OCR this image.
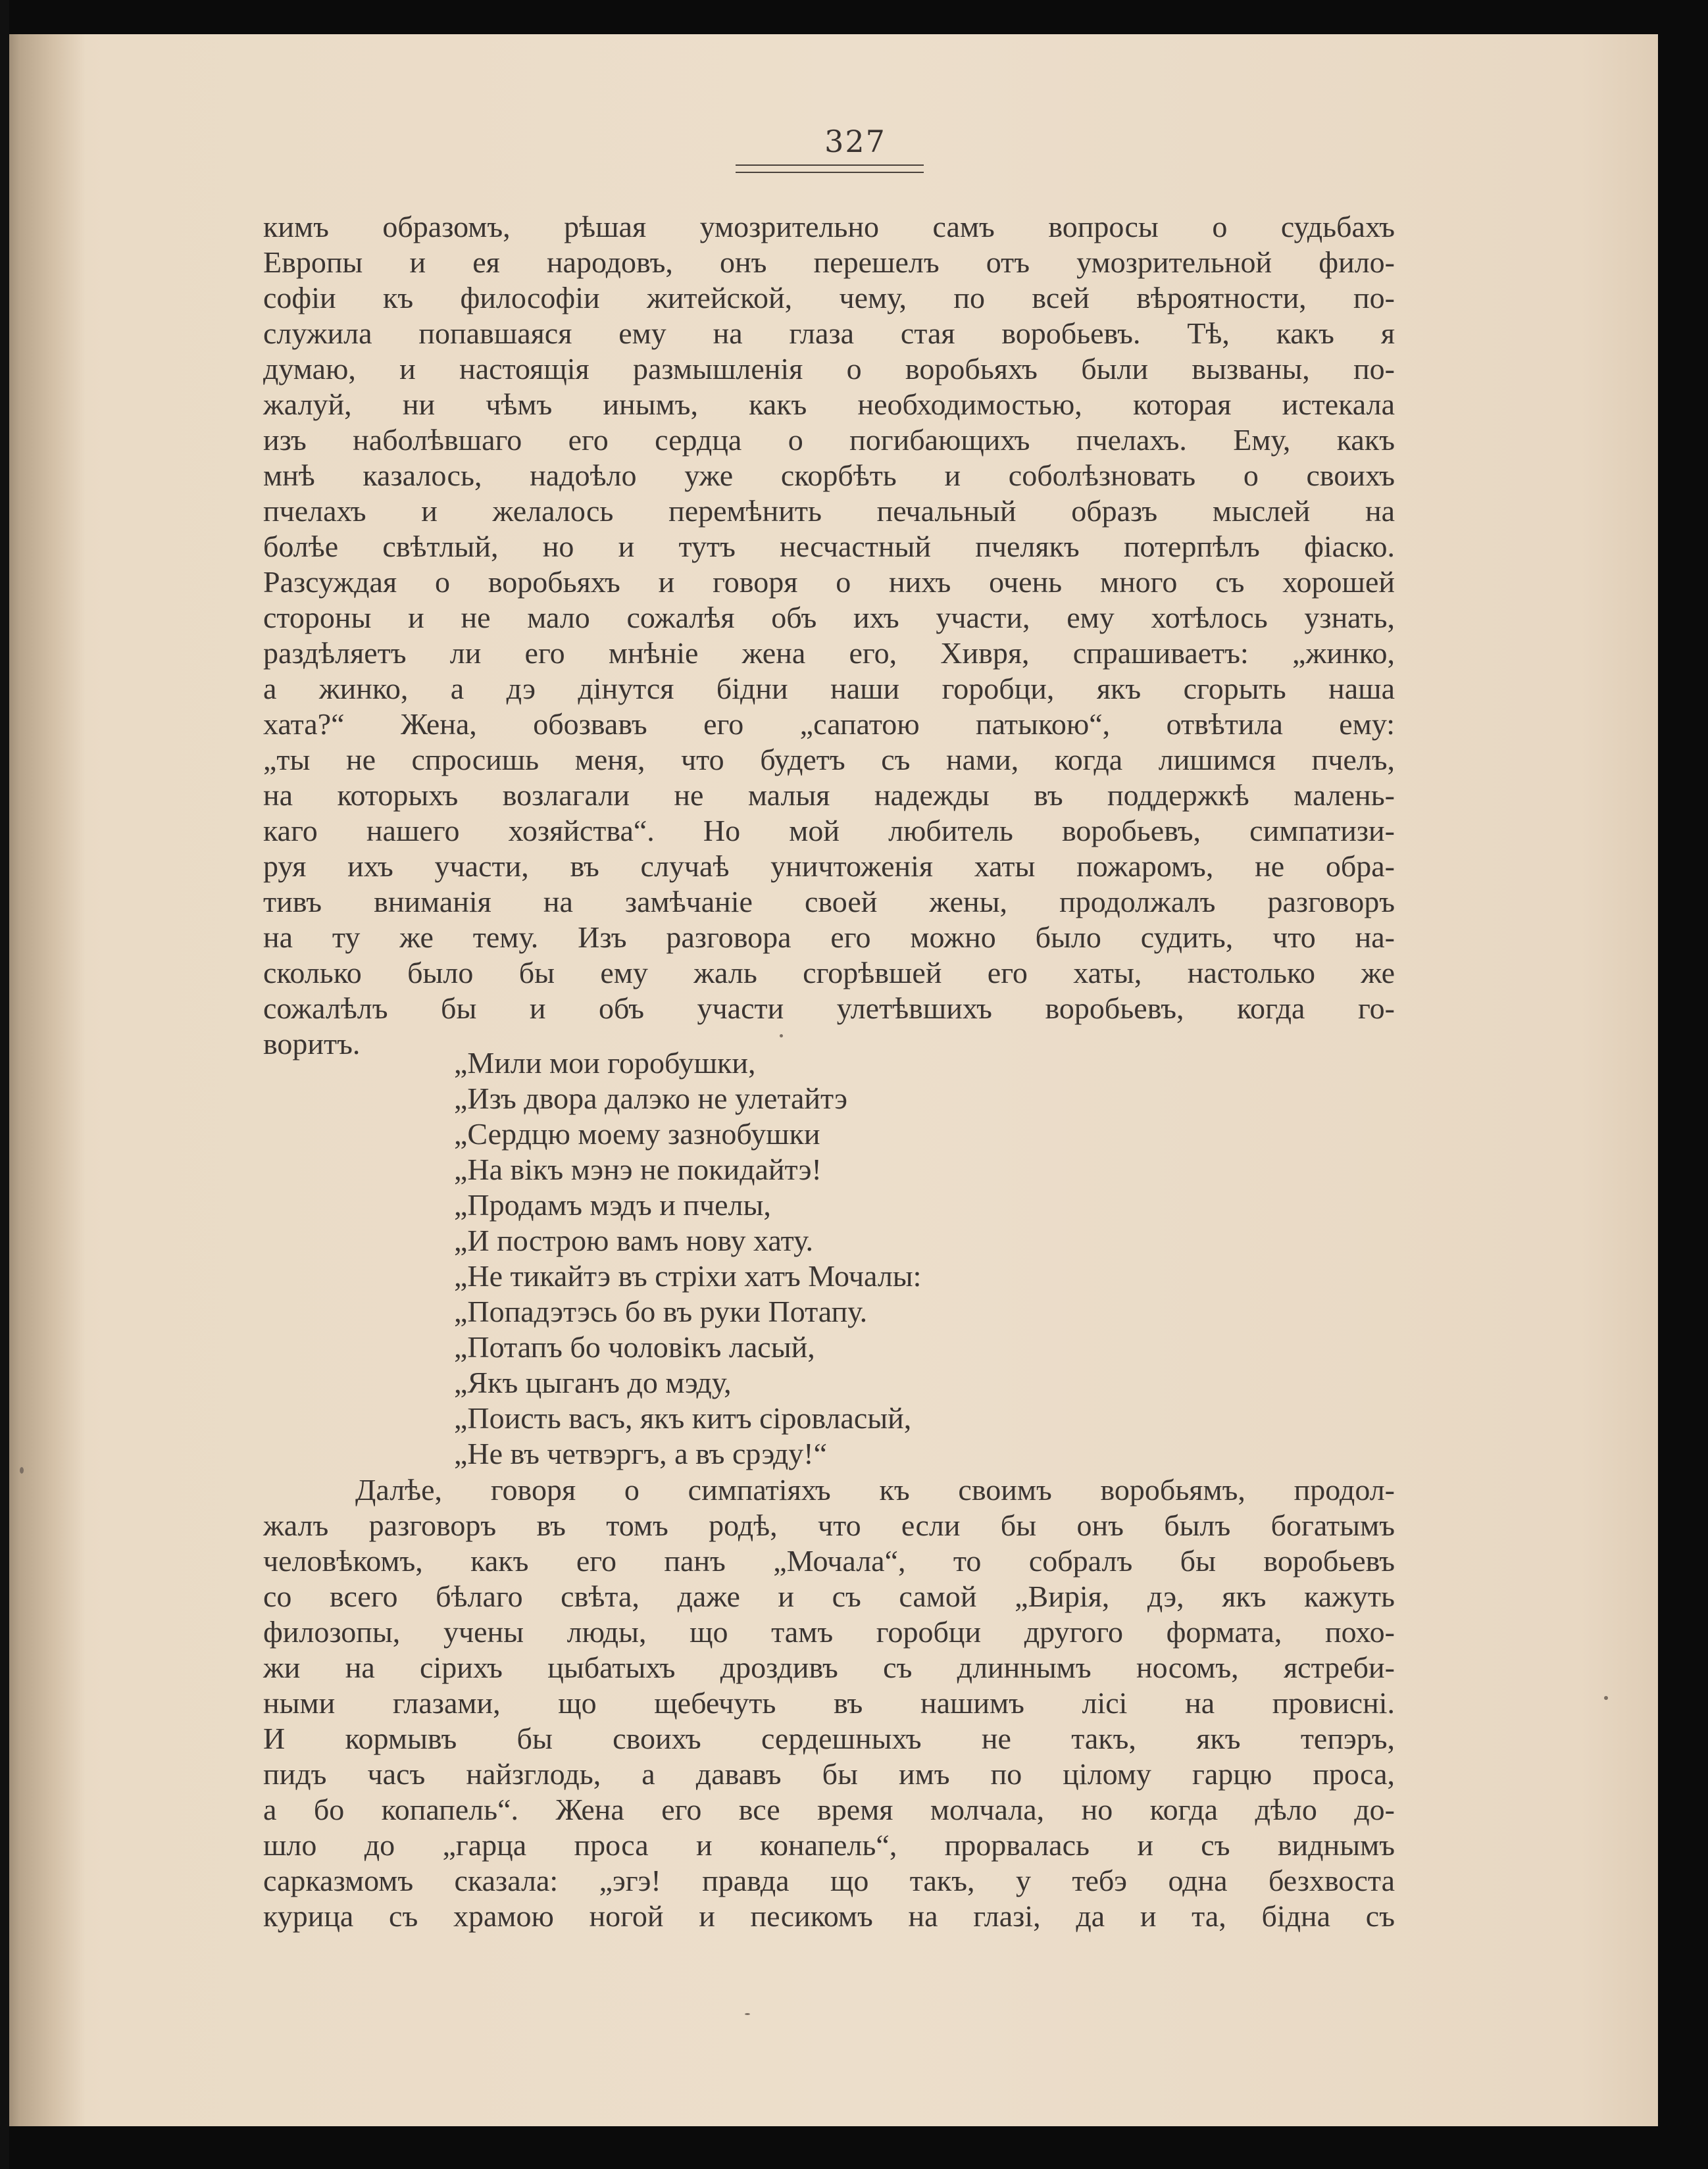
327
кимъ образомъ, рѣшая умозрительно самъ вопросы о судьбахъ
Европы и ея народовъ, онъ перешелъ отъ умозрительной фило-
софіи къ философіи житейской, чему, по всей вѣроятности, по-
служила попавшаяся ему на глаза стая воробьевъ. Тѣ, какъ я
думаю, и настоящія размышленія о воробьяхъ были вызваны, по-
жалуй, ни чѣмъ инымъ, какъ необходимостью, которая истекала
изъ наболѣвшаго его сердца о погибающихъ пчелахъ. Ему, какъ
мнѣ казалось, надоѣло уже скорбѣть и соболѣзновать о своихъ
пчелахъ и желалось перемѣнить печальный образъ мыслей на
болѣе свѣтлый, но и тутъ несчастный пчелякъ потерпѣлъ фіаско.
Разсуждая о воробьяхъ и говоря о нихъ очень много съ хорошей
стороны и не мало сожалѣя объ ихъ участи, ему хотѣлось узнать,
раздѣляетъ ли его мнѣніе жена его, Хивря, спрашиваетъ: „жинко,
а жинко, а дэ дінутся бідни наши горобци, якъ сгорыть наша
хата?“ Жена, обозвавъ его „сапатою патыкою“, отвѣтила ему:
„ты не спросишь меня, что будетъ съ нами, когда лишимся пчелъ,
на которыхъ возлагали не малыя надежды въ поддержкѣ малень-
каго нашего хозяйства“. Но мой любитель воробьевъ, симпатизи-
руя ихъ участи, въ случаѣ уничтоженія хаты пожаромъ, не обра-
тивъ вниманія на замѣчаніе своей жены, продолжалъ разговоръ
на ту же тему. Изъ разговора его можно было судить, что на-
сколько было бы ему жаль сгорѣвшей его хаты, настолько же
сожалѣлъ бы и объ участи улетѣвшихъ воробьевъ, когда го-
воритъ.
„Мили мои горобушки,
„Изъ двора далэко не улетайтэ
„Сердцю моему зазнобушки
„На вікъ мэнэ не покидайтэ!
„Продамъ мэдъ и пчелы,
„И построю вамъ нову хату.
„Не тикайтэ въ стріхи хатъ Мочалы:
„Попадэтэсь бо въ руки Потапу.
„Потапъ бо чоловікъ ласый,
„Якъ цыганъ до мэду,
„Поисть васъ, якъ китъ сіровласый,
„Не въ четвэргъ, а въ срэду!“
Далѣе, говоря о симпатіяхъ къ своимъ воробьямъ, продол-
жалъ разговоръ въ томъ родѣ, что если бы онъ былъ богатымъ
человѣкомъ, какъ его панъ „Мочала“, то собралъ бы воробьевъ
со всего бѣлаго свѣта, даже и съ самой „Вирія, дэ, якъ кажуть
филозопы, учены люды, що тамъ горобци другого формата, похо-
жи на сірихъ цыбатыхъ дроздивъ съ длиннымъ носомъ, ястреби-
ными глазами, що щебечуть въ нашимъ лісі на провисні.
И кормывъ бы своихъ сердешныхъ не такъ, якъ тепэръ,
пидъ часъ найзглодь, а дававъ бы имъ по цілому гарцю проса,
а бо копапель“. Жена его все время молчала, но когда дѣло до-
шло до „гарца проса и конапель“, прорвалась и съ виднымъ
сарказмомъ сказала: „эгэ! правда що такъ, у тебэ одна безхвоста
курица съ храмою ногой и песикомъ на глазі, да и та, бідна съ
